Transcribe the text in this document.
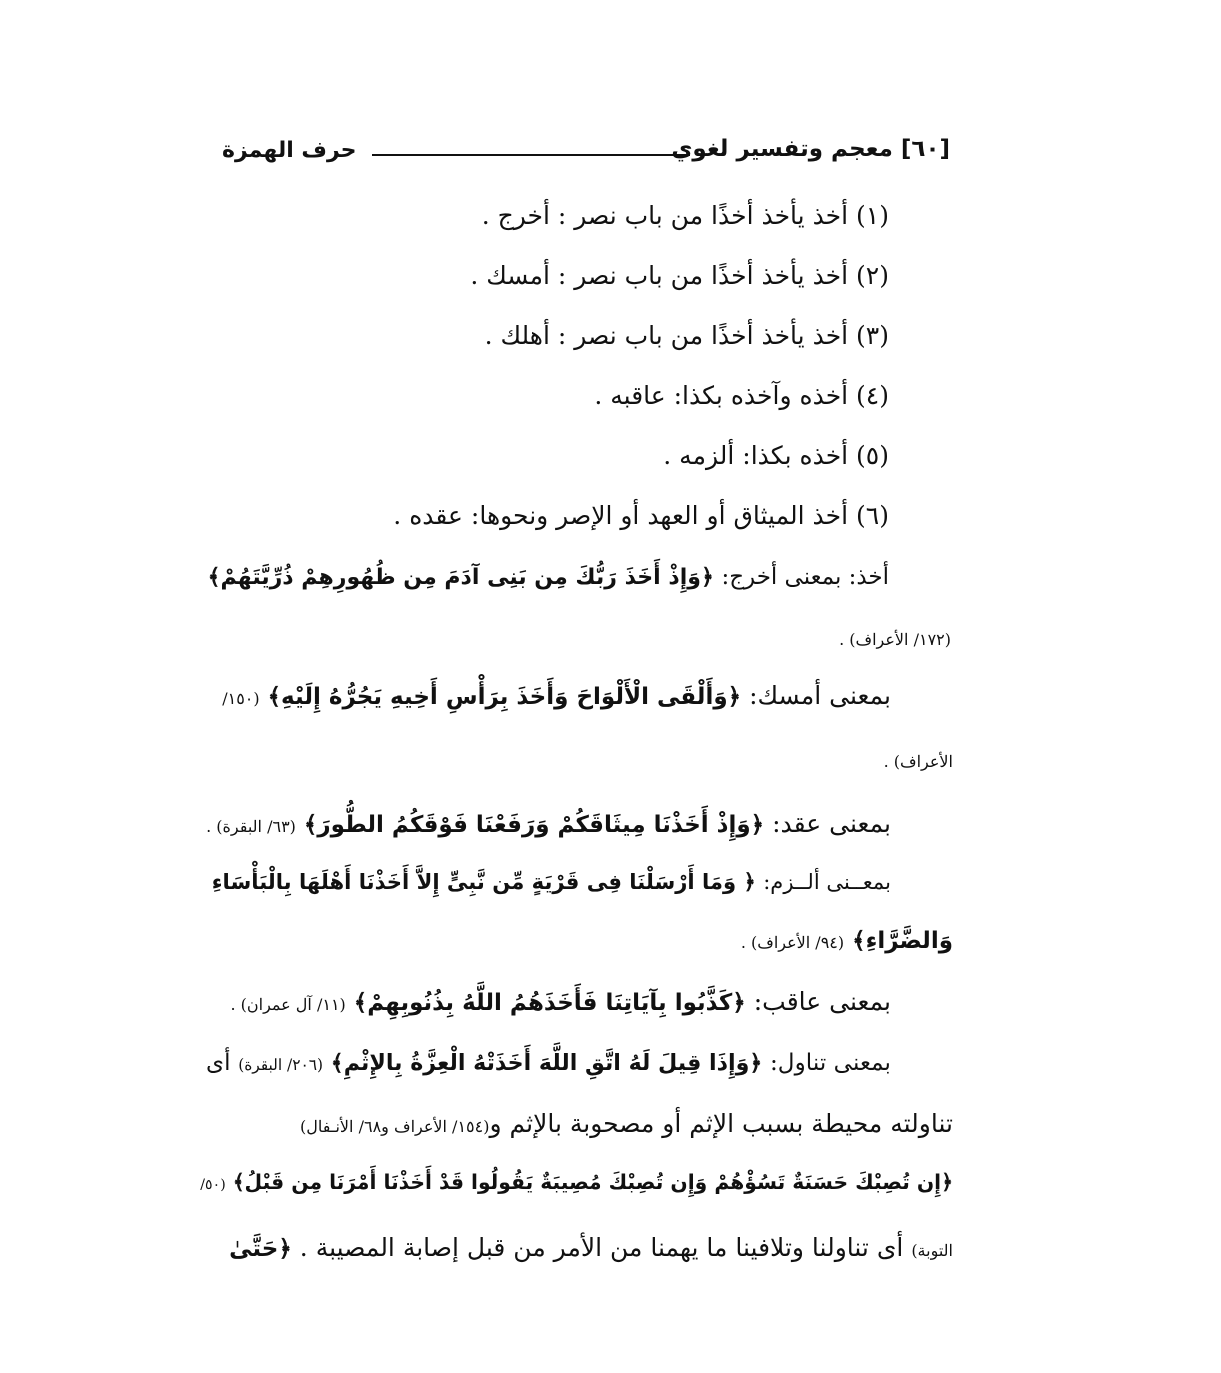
حرف الهمزة	[٦٠]معجم وتفسير لغوي
(١) أخذ يأخذ أخذًا من باب نصر : أخرج .
(٢) أخذ يأخذ أخذًا من باب نصر : أمسك .
(٣) أخذ يأخذ أخذًا من باب نصر : أهلك .
(٤) أخذه وآخذه بكذا: عاقبه .
(٥) أخذه بكذا: ألزمه .
(٦) أخذ الميثاق أو العهد أو الإصر ونحوها: عقده .
أخذ: بمعنى أخرج: ﴿وَإِذْ أَخَذَ رَبُّكَ مِن بَنِى آدَمَ مِن ظُهُورِهِمْ ذُرِّيَّتَهُمْ﴾
(١٧٢/ الأعراف) .
بمعنى أمسك: ﴿وَأَلْقَى الْأَلْوَاحَ وَأَخَذَ بِرَأْسِ أَخِيهِ يَجُرُّهُ إِلَيْهِ﴾ (١٥٠/
الأعراف) .
بمعنى عقد: ﴿وَإِذْ أَخَذْنَا مِيثَاقَكُمْ وَرَفَعْنَا فَوْقَكُمُ الطُّورَ﴾ (٦٣/ البقرة) .
بمعــنى ألــزم: ﴿ وَمَا أَرْسَلْنَا فِى قَرْيَةٍ مِّن نَّبِىٍّ إِلاَّ أَخَذْنَا أَهْلَهَا بِالْبَأْسَاءِ
وَالضَّرَّاءِ﴾ (٩٤/ الأعراف) .
بمعنى عاقب: ﴿كَذَّبُوا بِآيَاتِنَا فَأَخَذَهُمُ اللَّهُ بِذُنُوبِهِمْ﴾ (١١/ آل عمران) .
بمعنى تناول: ﴿وَإِذَا قِيلَ لَهُ اتَّقِ اللَّهَ أَخَذَتْهُ الْعِزَّةُ بِالإِثْمِ﴾ (٢٠٦/ البقرة) أى
تناولته محيطة بسبب الإثم أو مصحوبة بالإثم و(١٥٤/ الأعراف و٦٨/ الأنـفال)
﴿إِن تُصِبْكَ حَسَنَةٌ تَسُؤْهُمْ وَإِن تُصِبْكَ مُصِيبَةٌ يَقُولُوا قَدْ أَخَذْنَا أَمْرَنَا مِن قَبْلُ﴾ (٥٠/
التوبة) أى تناولنا وتلافينا ما يهمنا من الأمر من قبل إصابة المصيبة . ﴿حَتَّىٰ
